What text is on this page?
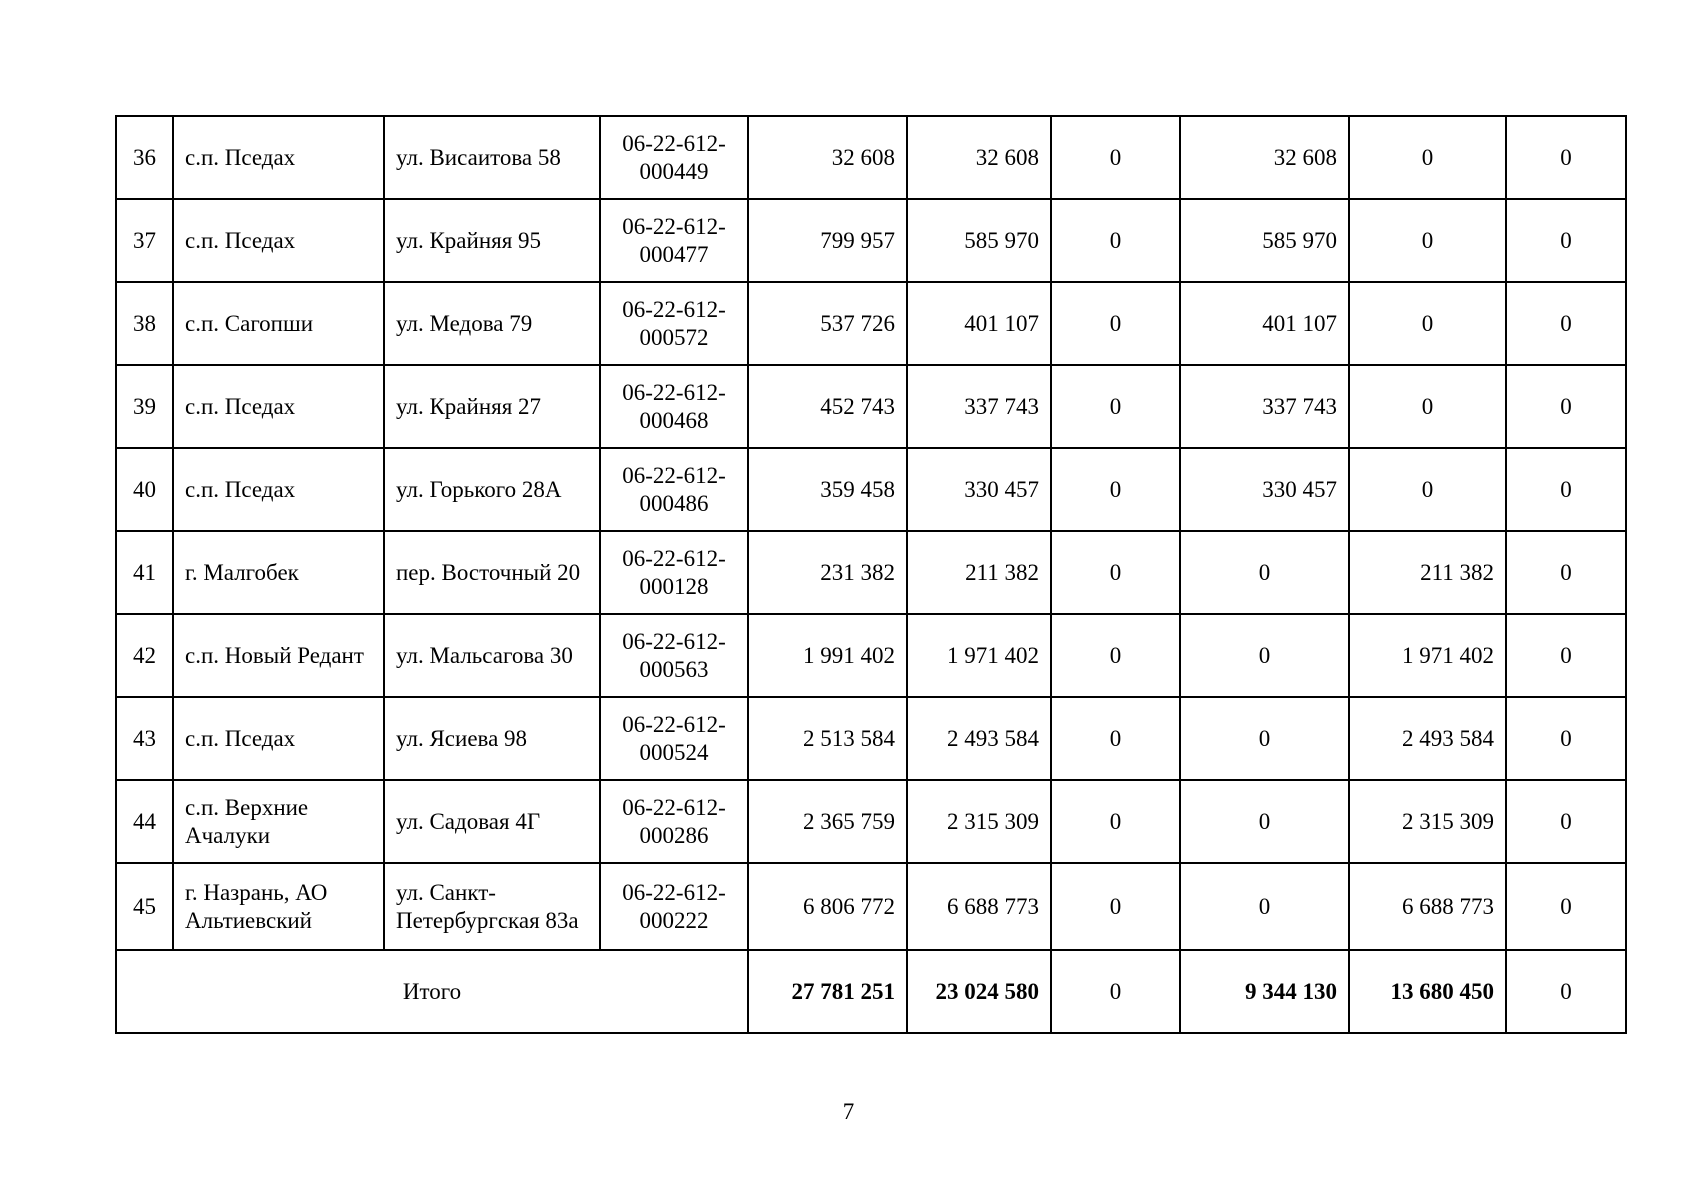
36	с.п. Пседах	ул. Висаитова 58	06-22-612-000449	32 608	32 608	0	32 608	0	0
37	с.п. Пседах	ул. Крайняя 95	06-22-612-000477	799 957	585 970	0	585 970	0	0
38	с.п. Сагопши	ул. Медова 79	06-22-612-000572	537 726	401 107	0	401 107	0	0
39	с.п. Пседах	ул. Крайняя 27	06-22-612-000468	452 743	337 743	0	337 743	0	0
40	с.п. Пседах	ул. Горького 28А	06-22-612-000486	359 458	330 457	0	330 457	0	0
41	г. Малгобек	пер. Восточный 20	06-22-612-000128	231 382	211 382	0	0	211 382	0
42	с.п. Новый Редант	ул. Мальсагова 30	06-22-612-000563	1 991 402	1 971 402	0	0	1 971 402	0
43	с.п. Пседах	ул. Ясиева 98	06-22-612-000524	2 513 584	2 493 584	0	0	2 493 584	0
44	с.п. Верхние Ачалуки	ул. Садовая 4Г	06-22-612-000286	2 365 759	2 315 309	0	0	2 315 309	0
45	г. Назрань, АО Альтиевский	ул. Санкт-Петербургская 83а	06-22-612-000222	6 806 772	6 688 773	0	0	6 688 773	0
Итого				27 781 251	23 024 580	0	9 344 130	13 680 450	0
7
